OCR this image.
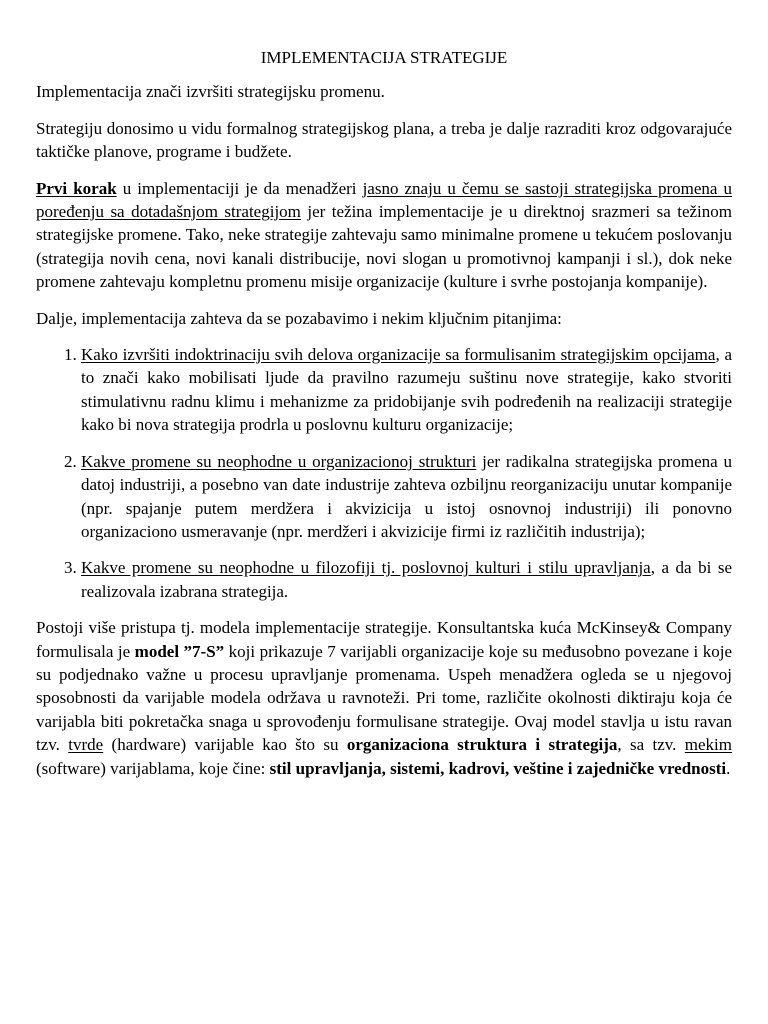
IMPLEMENTACIJA STRATEGIJE

Implementacija znači izvršiti strategijsku promenu.

Strategiju donosimo u vidu formalnog strategijskog plana, a treba je dalje razraditi kroz odgovarajuće taktičke planove, programe i budžete.

Prvi korak u implementaciji je da menadžeri jasno znaju u čemu se sastoji strategijska promena u poređenju sa dotadašnjom strategijom jer težina implementacije je u direktnoj srazmeri sa težinom strategijske promene. Tako, neke strategije zahtevaju samo minimalne promene u tekućem poslovanju (strategija novih cena, novi kanali distribucije, novi slogan u promotivnoj kampanji i sl.), dok neke promene zahtevaju kompletnu promenu misije organizacije (kulture i svrhe postojanja kompanije).

Dalje, implementacija zahteva da se pozabavimo i nekim ključnim pitanjima:

1. Kako izvršiti indoktrinaciju svih delova organizacije sa formulisanim strategijskim opcijama, a to znači kako mobilisati ljude da pravilno razumeju suštinu nove strategije, kako stvoriti stimulativnu radnu klimu i mehanizme za pridobijanje svih podređenih na realizaciji strategije kako bi nova strategija prodrla u poslovnu kulturu organizacije;
2. Kakve promene su neophodne u organizacionoj strukturi jer radikalna strategijska promena u datoj industriji, a posebno van date industrije zahteva ozbiljnu reorganizaciju unutar kompanije (npr. spajanje putem merdžera i akvizicija u istoj osnovnoj industriji) ili ponovno organizaciono usmeravanje (npr. merdžeri i akvizicije firmi iz različitih industrija);
3. Kakve promene su neophodne u filozofiji tj. poslovnoj kulturi i stilu upravljanja, a da bi se realizovala izabrana strategija.

Postoji više pristupa tj. modela implementacije strategije. Konsultantska kuća McKinsey& Company formulisala je model ”7-S” koji prikazuje 7 varijabli organizacije koje su međusobno povezane i koje su podjednako važne u procesu upravljanje promenama. Uspeh menadžera ogleda se u njegovoj sposobnosti da varijable modela održava u ravnoteži. Pri tome, različite okolnosti diktiraju koja će varijabla biti pokretačka snaga u sprovođenju formulisane strategije. Ovaj model stavlja u istu ravan tzv. tvrde (hardware) varijable kao što su organizaciona struktura i strategija, sa tzv. mekim (software) varijablama, koje čine: stil upravljanja, sistemi, kadrovi, veštine i zajedničke vrednosti.
